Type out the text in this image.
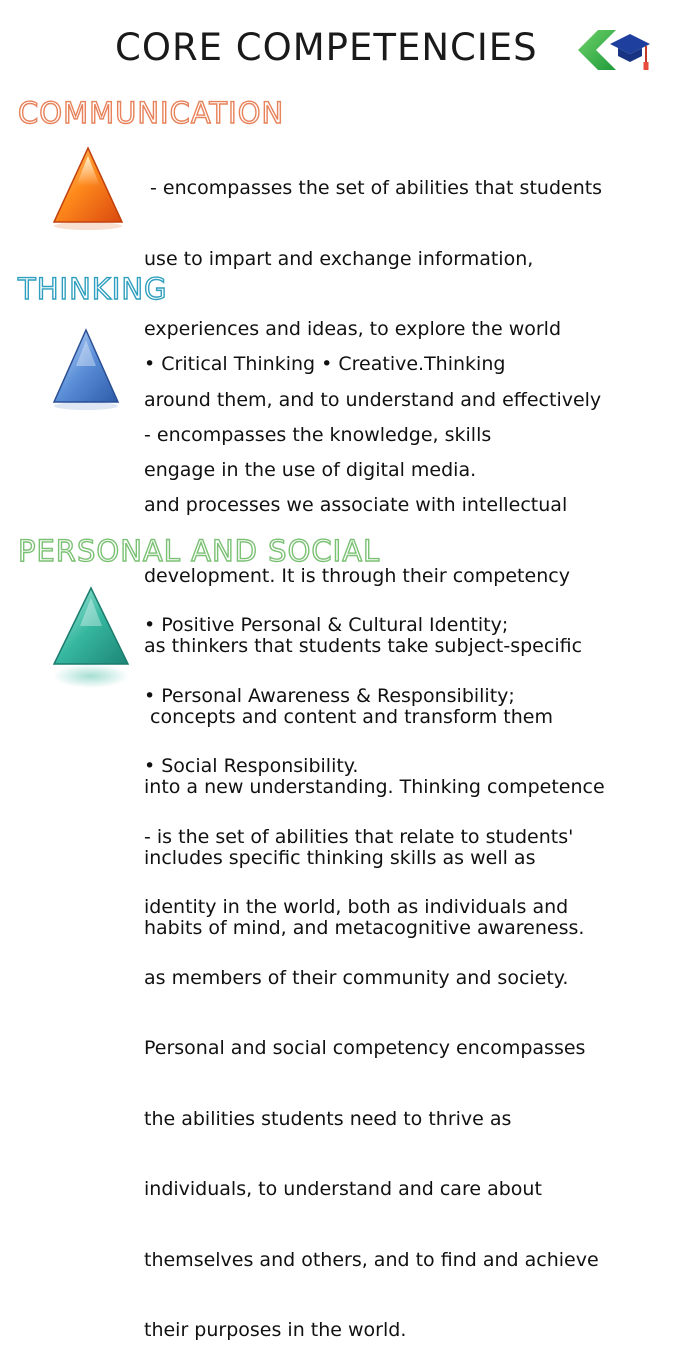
CORE COMPETENCIES
COMMUNICATION

- encompasses the set of abilities that students

use to impart and exchange information,

experiences and ideas, to explore the world

around them, and to understand and effectively

engage in the use of digital media.

THINKING

• Critical Thinking • Creative.Thinking

- encompasses the knowledge, skills

and processes we associate with intellectual

development. It is through their competency

as thinkers that students take subject-specific

concepts and content and transform them

into a new understanding. Thinking competence

includes specific thinking skills as well as

habits of mind, and metacognitive awareness.

PERSONAL AND SOCIAL

• Positive Personal & Cultural Identity;

• Personal Awareness & Responsibility;

• Social Responsibility.

- is the set of abilities that relate to students'

identity in the world, both as individuals and

as members of their community and society.

Personal and social competency encompasses

the abilities students need to thrive as

individuals, to understand and care about

themselves and others, and to find and achieve

their purposes in the world.
